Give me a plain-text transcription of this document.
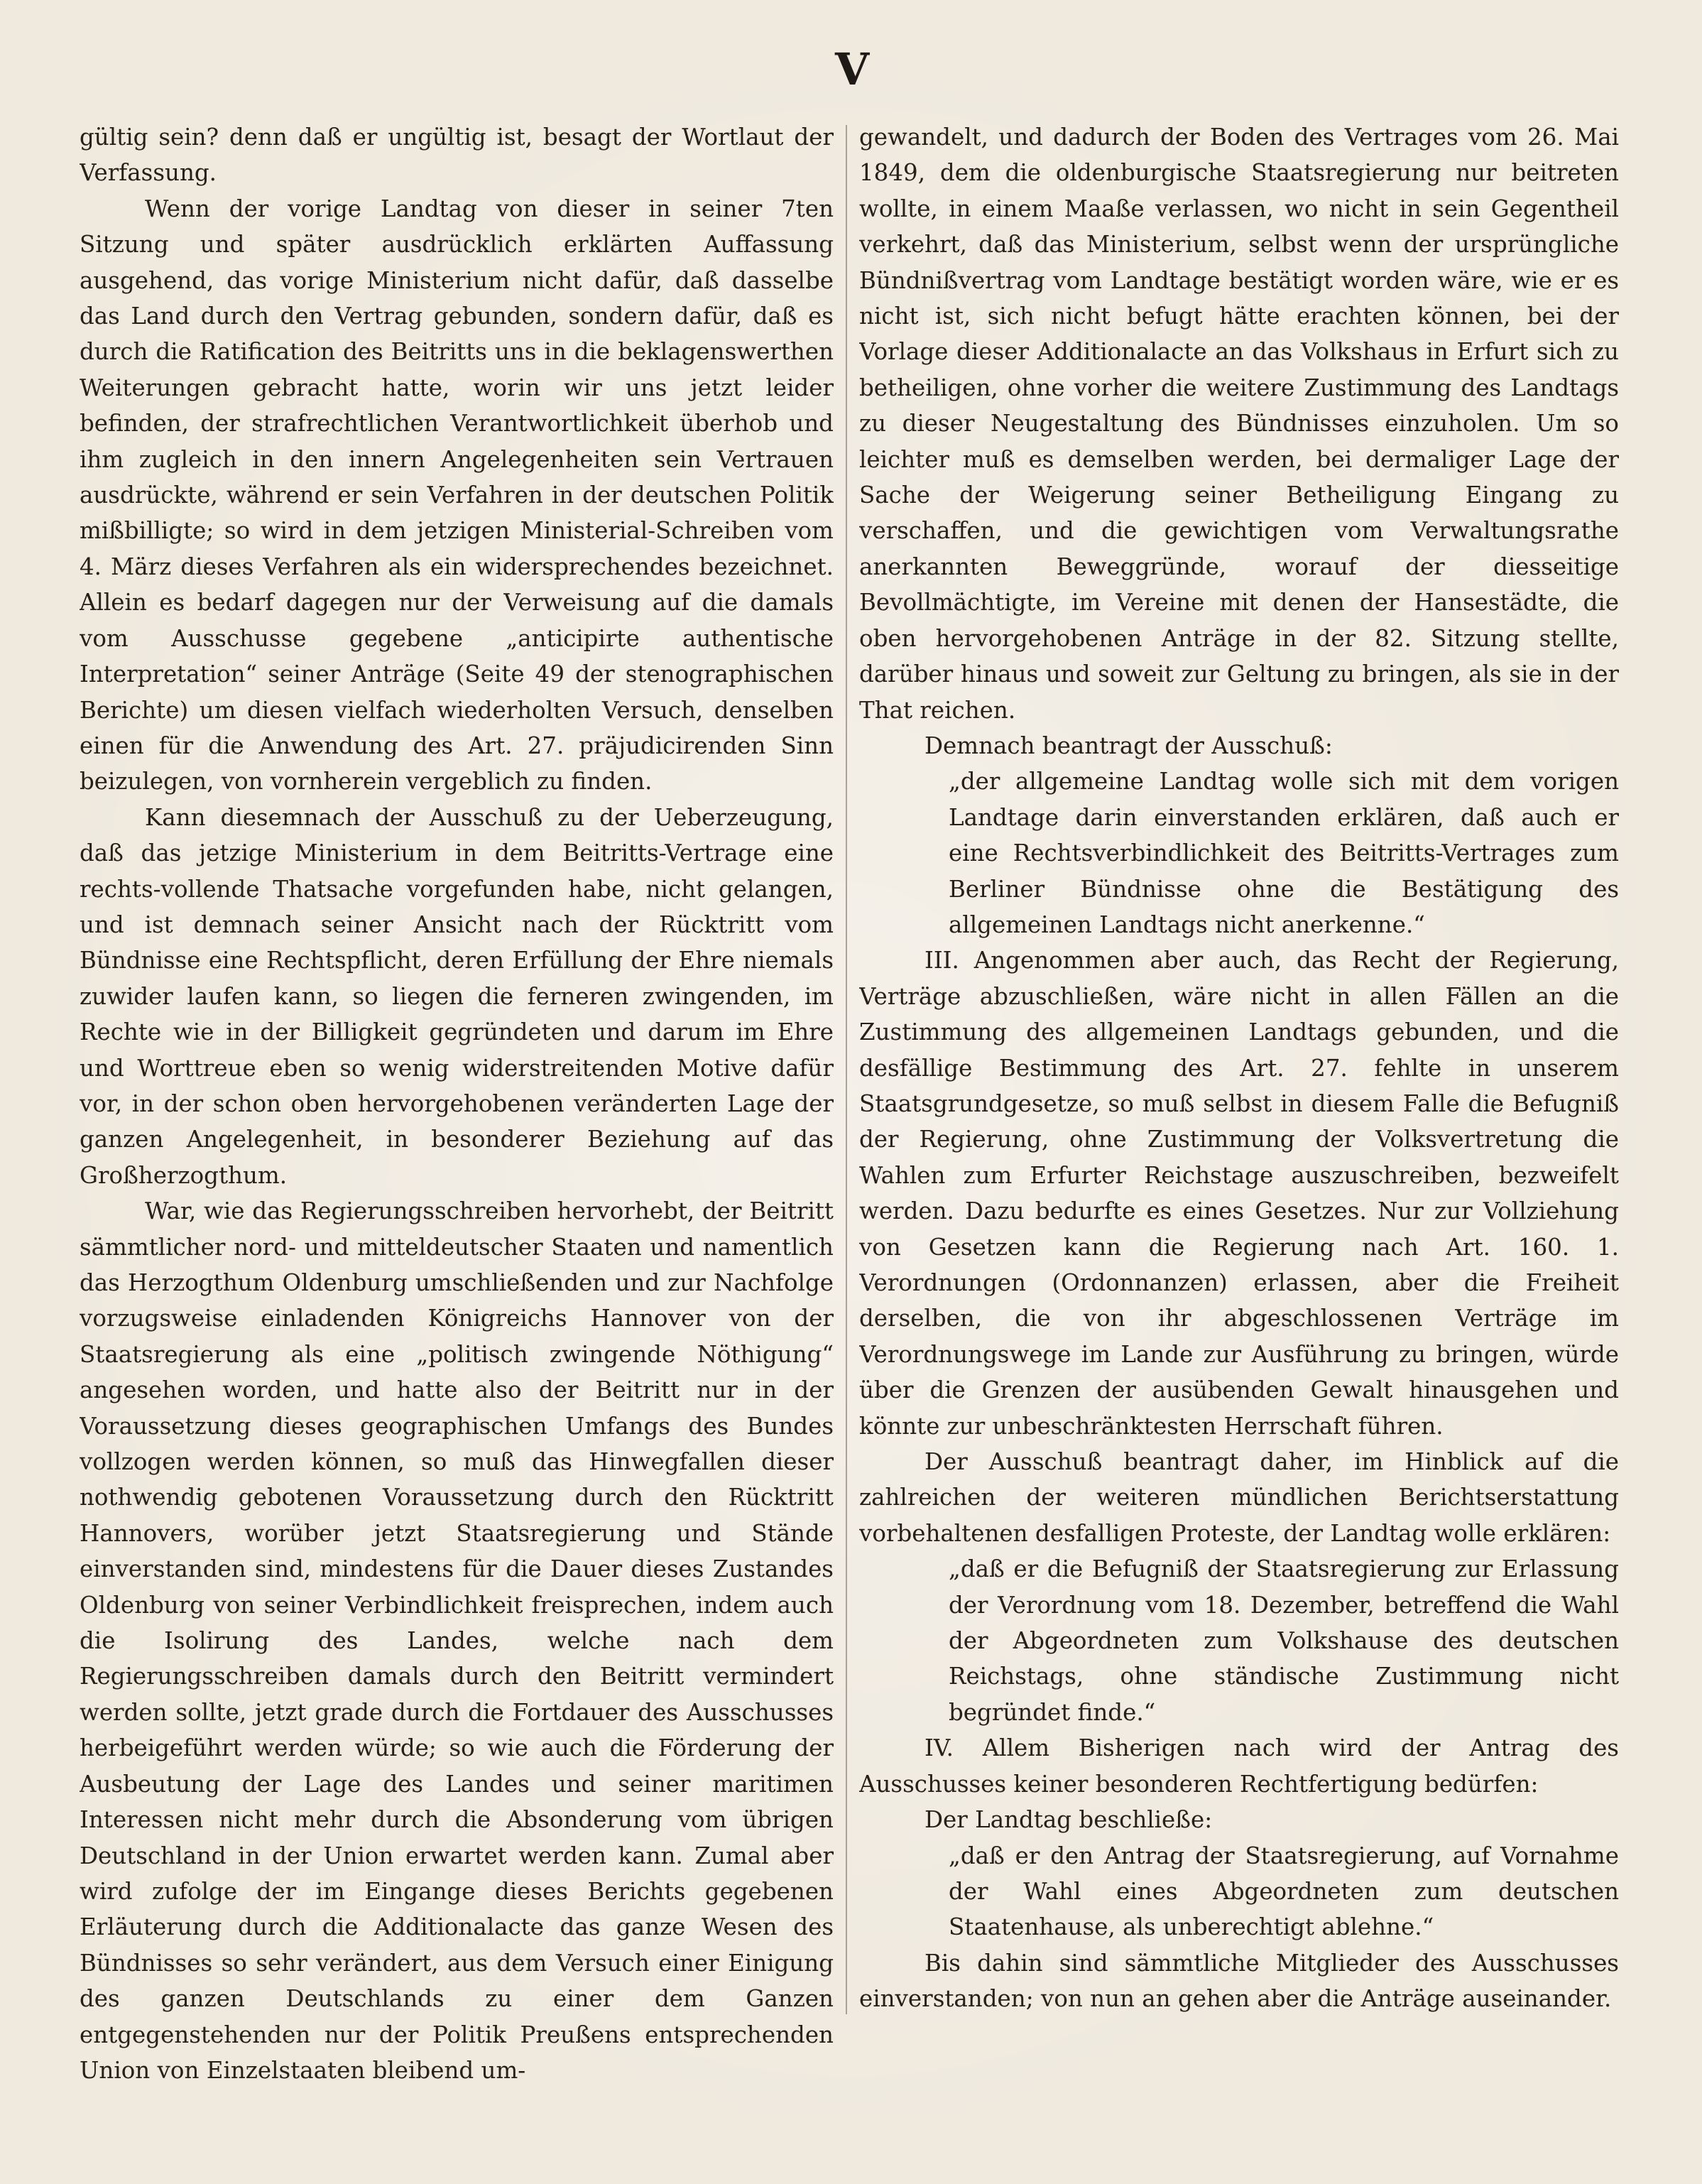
V

gültig sein? denn daß er ungültig ist, besagt der Wortlaut der Verfassung.

Wenn der vorige Landtag von dieser in seiner 7ten Sitzung und später ausdrücklich erklärten Auffassung ausgehend, das vorige Ministerium nicht dafür, daß dasselbe das Land durch den Vertrag gebunden, sondern dafür, daß es durch die Ratification des Beitritts uns in die beklagenswerthen Weiterungen gebracht hatte, worin wir uns jetzt leider befinden, der strafrechtlichen Verantwortlichkeit überhob und ihm zugleich in den innern Angelegenheiten sein Vertrauen ausdrückte, während er sein Verfahren in der deutschen Politik mißbilligte; so wird in dem jetzigen Ministerial-Schreiben vom 4. März dieses Verfahren als ein widersprechendes bezeichnet. Allein es bedarf dagegen nur der Verweisung auf die damals vom Ausschusse gegebene „anticipirte authentische Interpretation“ seiner Anträge (Seite 49 der stenographischen Berichte) um diesen vielfach wiederholten Versuch, denselben einen für die Anwendung des Art. 27. präjudicirenden Sinn beizulegen, von vornherein vergeblich zu finden.

Kann diesemnach der Ausschuß zu der Ueberzeugung, daß das jetzige Ministerium in dem Beitritts-Vertrage eine rechts-vollende Thatsache vorgefunden habe, nicht gelangen, und ist demnach seiner Ansicht nach der Rücktritt vom Bündnisse eine Rechtspflicht, deren Erfüllung der Ehre niemals zuwider laufen kann, so liegen die ferneren zwingenden, im Rechte wie in der Billigkeit gegründeten und darum im Ehre und Worttreue eben so wenig widerstreitenden Motive dafür vor, in der schon oben hervorgehobenen veränderten Lage der ganzen Angelegenheit, in besonderer Beziehung auf das Großherzogthum.

War, wie das Regierungsschreiben hervorhebt, der Beitritt sämmtlicher nord- und mitteldeutscher Staaten und namentlich das Herzogthum Oldenburg umschließenden und zur Nachfolge vorzugsweise einladenden Königreichs Hannover von der Staatsregierung als eine „politisch zwingende Nöthigung“ angesehen worden, und hatte also der Beitritt nur in der Voraussetzung dieses geographischen Umfangs des Bundes vollzogen werden können, so muß das Hinwegfallen dieser nothwendig gebotenen Voraussetzung durch den Rücktritt Hannovers, worüber jetzt Staatsregierung und Stände einverstanden sind, mindestens für die Dauer dieses Zustandes Oldenburg von seiner Verbindlichkeit freisprechen, indem auch die Isolirung des Landes, welche nach dem Regierungsschreiben damals durch den Beitritt vermindert werden sollte, jetzt grade durch die Fortdauer des Ausschusses herbeigeführt werden würde; so wie auch die Förderung der Ausbeutung der Lage des Landes und seiner maritimen Interessen nicht mehr durch die Absonderung vom übrigen Deutschland in der Union erwartet werden kann. Zumal aber wird zufolge der im Eingange dieses Berichts gegebenen Erläuterung durch die Additionalacte das ganze Wesen des Bündnisses so sehr verändert, aus dem Versuch einer Einigung des ganzen Deutschlands zu einer dem Ganzen entgegenstehenden nur der Politik Preußens entsprechenden Union von Einzelstaaten bleibend um-

gewandelt, und dadurch der Boden des Vertrages vom 26. Mai 1849, dem die oldenburgische Staatsregierung nur beitreten wollte, in einem Maaße verlassen, wo nicht in sein Gegentheil verkehrt, daß das Ministerium, selbst wenn der ursprüngliche Bündnißvertrag vom Landtage bestätigt worden wäre, wie er es nicht ist, sich nicht befugt hätte erachten können, bei der Vorlage dieser Additionalacte an das Volkshaus in Erfurt sich zu betheiligen, ohne vorher die weitere Zustimmung des Landtags zu dieser Neugestaltung des Bündnisses einzuholen. Um so leichter muß es demselben werden, bei dermaliger Lage der Sache der Weigerung seiner Betheiligung Eingang zu verschaffen, und die gewichtigen vom Verwaltungsrathe anerkannten Beweggründe, worauf der diesseitige Bevollmächtigte, im Vereine mit denen der Hansestädte, die oben hervorgehobenen Anträge in der 82. Sitzung stellte, darüber hinaus und soweit zur Geltung zu bringen, als sie in der That reichen.

Demnach beantragt der Ausschuß:

„der allgemeine Landtag wolle sich mit dem vorigen Landtage darin einverstanden erklären, daß auch er eine Rechtsverbindlichkeit des Beitritts-Vertrages zum Berliner Bündnisse ohne die Bestätigung des allgemeinen Landtags nicht anerkenne.“

III. Angenommen aber auch, das Recht der Regierung, Verträge abzuschließen, wäre nicht in allen Fällen an die Zustimmung des allgemeinen Landtags gebunden, und die desfällige Bestimmung des Art. 27. fehlte in unserem Staatsgrundgesetze, so muß selbst in diesem Falle die Befugniß der Regierung, ohne Zustimmung der Volksvertretung die Wahlen zum Erfurter Reichstage auszuschreiben, bezweifelt werden. Dazu bedurfte es eines Gesetzes. Nur zur Vollziehung von Gesetzen kann die Regierung nach Art. 160. 1. Verordnungen (Ordonnanzen) erlassen, aber die Freiheit derselben, die von ihr abgeschlossenen Verträge im Verordnungswege im Lande zur Ausführung zu bringen, würde über die Grenzen der ausübenden Gewalt hinausgehen und könnte zur unbeschränktesten Herrschaft führen.

Der Ausschuß beantragt daher, im Hinblick auf die zahlreichen der weiteren mündlichen Berichtserstattung vorbehaltenen desfalligen Proteste, der Landtag wolle erklären:

„daß er die Befugniß der Staatsregierung zur Erlassung der Verordnung vom 18. Dezember, betreffend die Wahl der Abgeordneten zum Volkshause des deutschen Reichstags, ohne ständische Zustimmung nicht begründet finde.“

IV. Allem Bisherigen nach wird der Antrag des Ausschusses keiner besonderen Rechtfertigung bedürfen:

Der Landtag beschließe:

„daß er den Antrag der Staatsregierung, auf Vornahme der Wahl eines Abgeordneten zum deutschen Staatenhause, als unberechtigt ablehne.“

Bis dahin sind sämmtliche Mitglieder des Ausschusses einverstanden; von nun an gehen aber die Anträge auseinander.
